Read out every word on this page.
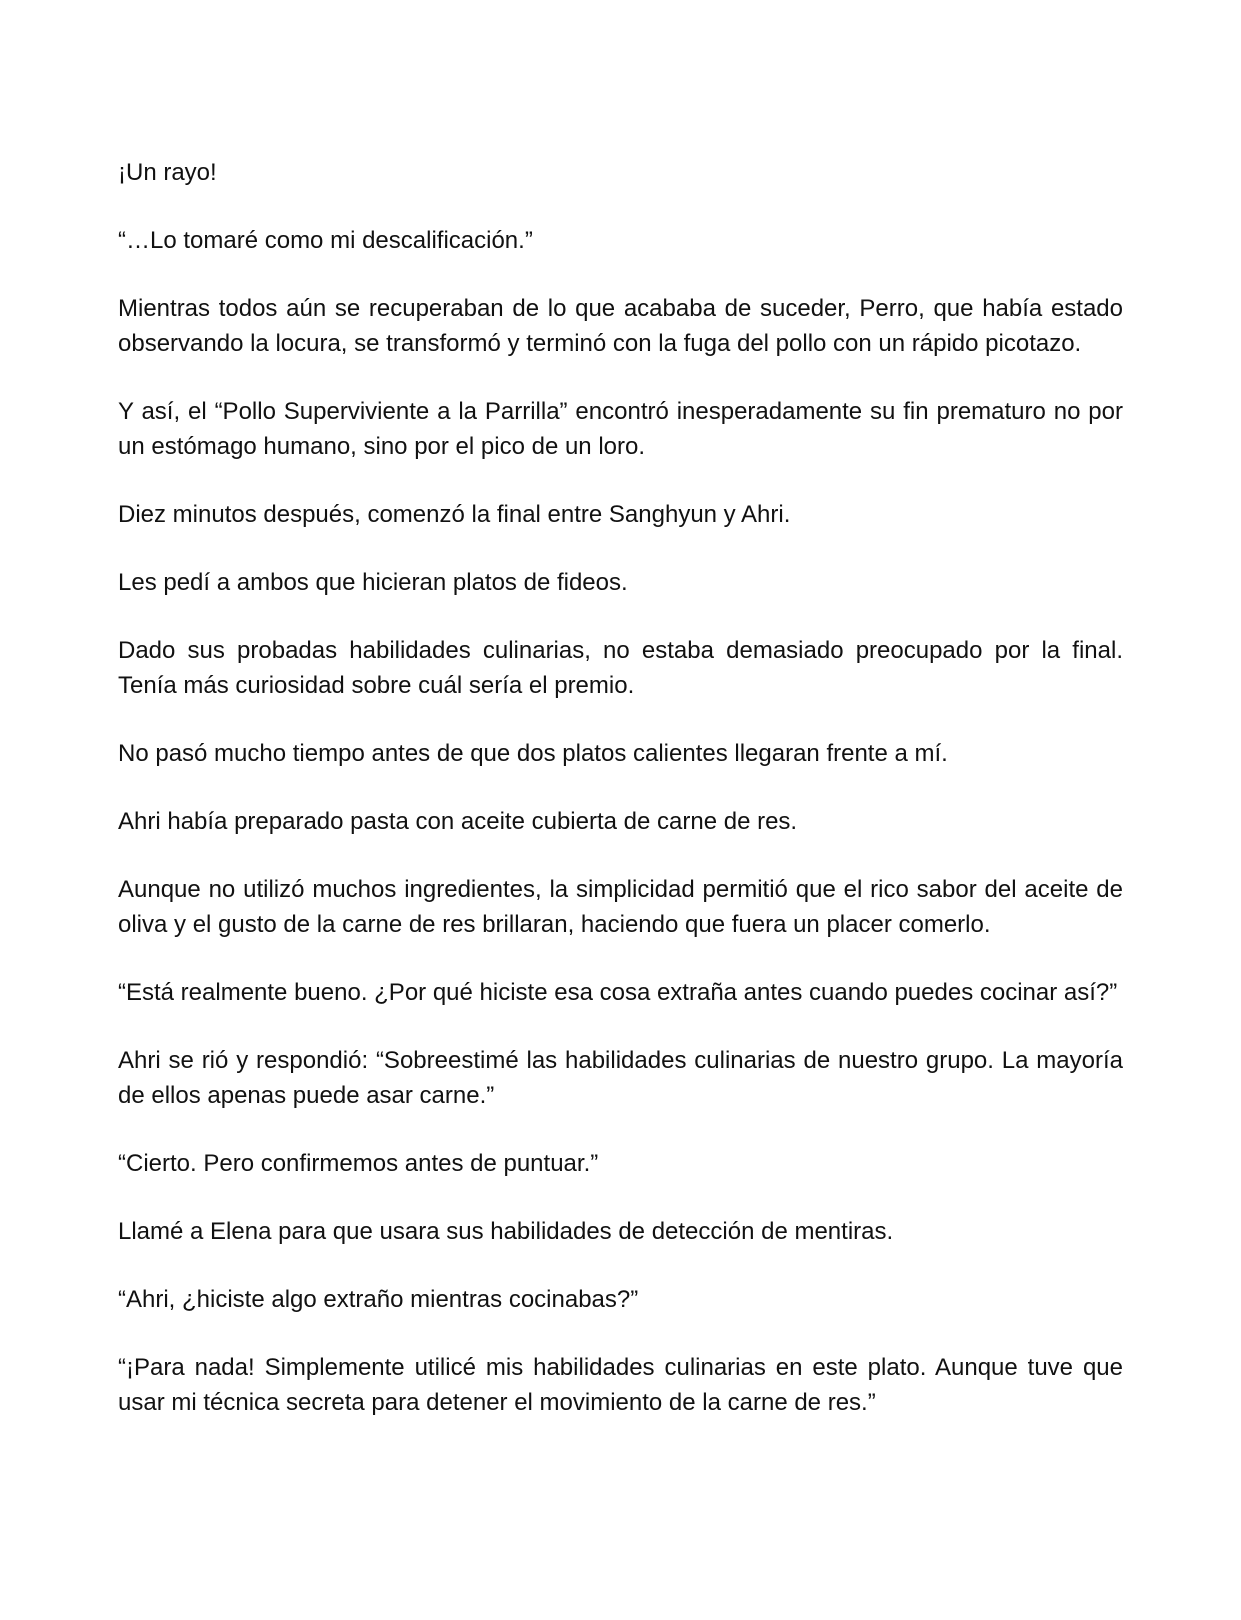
¡Un rayo!

“…Lo tomaré como mi descalificación.”

Mientras todos aún se recuperaban de lo que acababa de suceder, Perro, que había estado observando la locura, se transformó y terminó con la fuga del pollo con un rápido picotazo.

Y así, el “Pollo Superviviente a la Parrilla” encontró inesperadamente su fin prematuro no por un estómago humano, sino por el pico de un loro.

Diez minutos después, comenzó la final entre Sanghyun y Ahri.

Les pedí a ambos que hicieran platos de fideos.

Dado sus probadas habilidades culinarias, no estaba demasiado preocupado por la final. Tenía más curiosidad sobre cuál sería el premio.

No pasó mucho tiempo antes de que dos platos calientes llegaran frente a mí.

Ahri había preparado pasta con aceite cubierta de carne de res.

Aunque no utilizó muchos ingredientes, la simplicidad permitió que el rico sabor del aceite de oliva y el gusto de la carne de res brillaran, haciendo que fuera un placer comerlo.

“Está realmente bueno. ¿Por qué hiciste esa cosa extraña antes cuando puedes cocinar así?”

Ahri se rió y respondió: “Sobreestimé las habilidades culinarias de nuestro grupo. La mayoría de ellos apenas puede asar carne.”

“Cierto. Pero confirmemos antes de puntuar.”

Llamé a Elena para que usara sus habilidades de detección de mentiras.

“Ahri, ¿hiciste algo extraño mientras cocinabas?”

“¡Para nada! Simplemente utilicé mis habilidades culinarias en este plato. Aunque tuve que usar mi técnica secreta para detener el movimiento de la carne de res.”
